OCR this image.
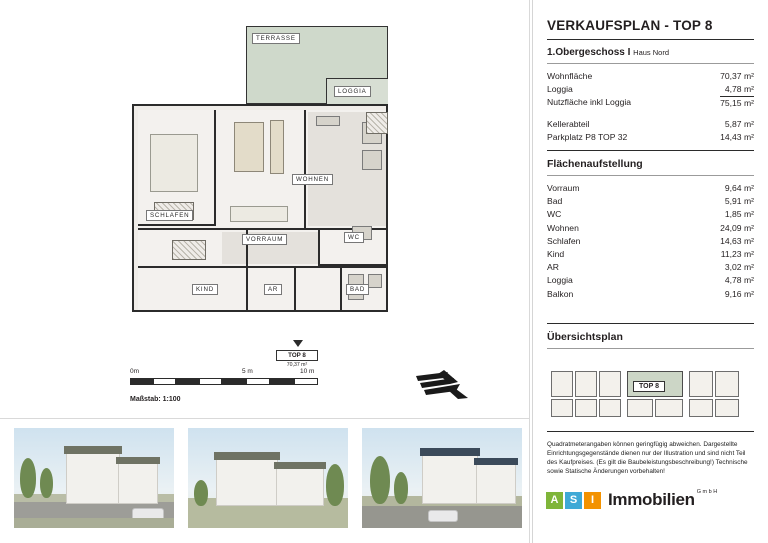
TERRASSE
LOGGIA
SCHLAFEN
WOHNEN
VORRAUM	WC
KIND	AR	BAD
TOP 8
70,37 m²
0m	5 m	10 m
Maßstab: 1:100
VERKAUFSPLAN - TOP 8
1.Obergeschoss I Haus Nord
Wohnfläche	70,37 m²
Loggia	4,78 m²
Nutzfläche inkl Loggia	75,15 m²
Kellerabteil	5,87 m²
Parkplatz P8 TOP 32	14,43 m²
Flächenaufstellung
Vorraum	9,64 m²
Bad	5,91 m²
WC	1,85 m²
Wohnen	24,09 m²
Schlafen	14,63 m²
Kind	11,23 m²
AR	3,02 m²
Loggia	4,78 m²
Balkon	9,16 m²
Übersichtsplan
TOP 8
Quadratmeterangaben können geringfügig abweichen. Dargestellte Einrichtungsgegenstände dienen nur der Illustration und sind nicht Teil des Kaufpreises. (Es gilt die Baubeleistungsbeschreibung!) Technische sowie Statische Änderungen vorbehalten!
A	S	I Immobilien G m b H
